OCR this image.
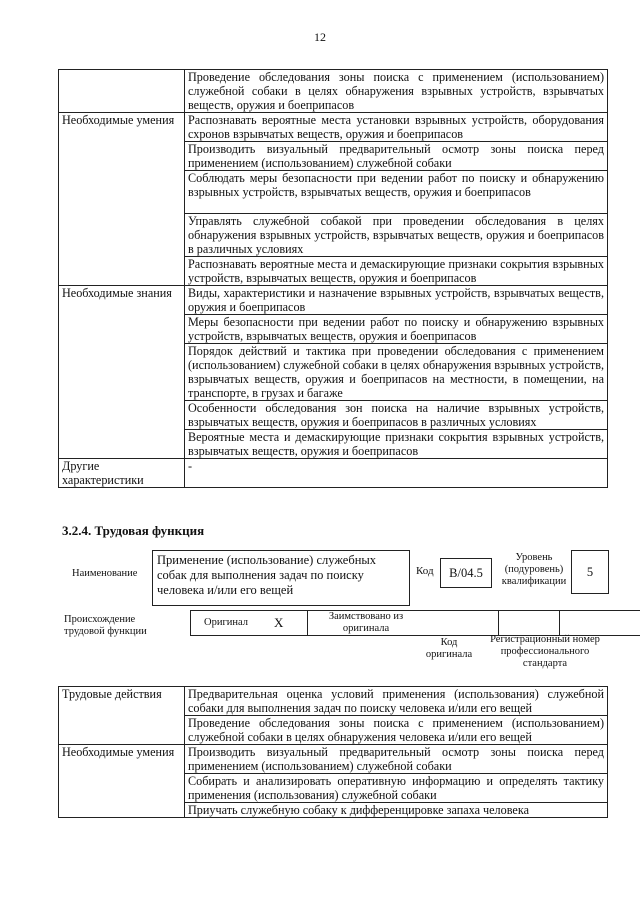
12
	Проведение обследования зоны поиска с применением (использованием) служебной собаки в целях обнаружения взрывных устройств, взрывчатых веществ, оружия и боеприпасов
Необходимые умения	Распознавать вероятные места установки взрывных устройств, оборудования схронов взрывчатых веществ, оружия и боеприпасов
	Производить визуальный предварительный осмотр зоны поиска перед применением (использованием) служебной собаки
	Соблюдать меры безопасности при ведении работ по поиску и обнаружению взрывных устройств, взрывчатых веществ, оружия и боеприпасов
	Управлять служебной собакой при проведении обследования в целях обнаружения взрывных устройств, взрывчатых веществ, оружия и боеприпасов в различных условиях
	Распознавать вероятные места и демаскирующие признаки сокрытия взрывных устройств, взрывчатых веществ, оружия и боеприпасов
Необходимые знания	Виды, характеристики и назначение взрывных устройств, взрывчатых веществ, оружия и боеприпасов
	Меры безопасности при ведении работ по поиску и обнаружению взрывных устройств, взрывчатых веществ, оружия и боеприпасов
	Порядок действий и тактика при проведении обследования с применением (использованием) служебной собаки в целях обнаружения взрывных устройств, взрывчатых веществ, оружия и боеприпасов на местности, в помещении, на транспорте, в грузах и багаже
	Особенности обследования зон поиска на наличие взрывных устройств, взрывчатых веществ, оружия и боеприпасов в различных условиях
	Вероятные места и демаскирующие признаки сокрытия взрывных устройств, взрывчатых веществ, оружия и боеприпасов
Другие характеристики	-
3.2.4. Трудовая функция
Наименование
Применение (использование) служебных собак для выполнения задач по поиску человека и/или его вещей
Код	В/04.5
Уровень (подуровень) квалификации
5
Происхождение трудовой функции
Оригинал X	Заимствовано из оригинала
Код оригинала
Регистрационный номер профессионального стандарта
Трудовые действия	Предварительная оценка условий применения (использования) служебной собаки для выполнения задач по поиску человека и/или его вещей
	Проведение обследования зоны поиска с применением (использованием) служебной собаки в целях обнаружения человека и/или его вещей
Необходимые умения	Производить визуальный предварительный осмотр зоны поиска перед применением (использованием) служебной собаки
	Собирать и анализировать оперативную информацию и определять тактику применения (использования) служебной собаки
	Приучать служебную собаку к дифференцировке запаха человека
